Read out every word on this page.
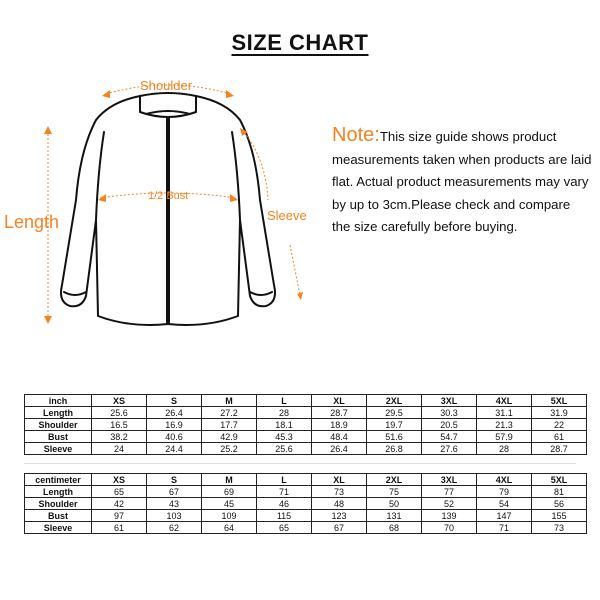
SIZE CHART
Shoulder
1/2 Bust
Length	Sleeve
Note:This size guide shows product measurements taken when products are laid flat. Actual product measurements may vary by up to 3cm.Please check and compare the size carefully before buying.
inch	XS	S	M	L	XL	2XL	3XL	4XL	5XL
Length	25.6	26.4	27.2	28	28.7	29.5	30.3	31.1	31.9
Shoulder	16.5	16.9	17.7	18.1	18.9	19.7	20.5	21.3	22
Bust	38.2	40.6	42.9	45.3	48.4	51.6	54.7	57.9	61
Sleeve	24	24.4	25.2	25.6	26.4	26.8	27.6	28	28.7
centimeter	XS	S	M	L	XL	2XL	3XL	4XL	5XL
Length	65	67	69	71	73	75	77	79	81
Shoulder	42	43	45	46	48	50	52	54	56
Bust	97	103	109	115	123	131	139	147	155
Sleeve	61	62	64	65	67	68	70	71	73
